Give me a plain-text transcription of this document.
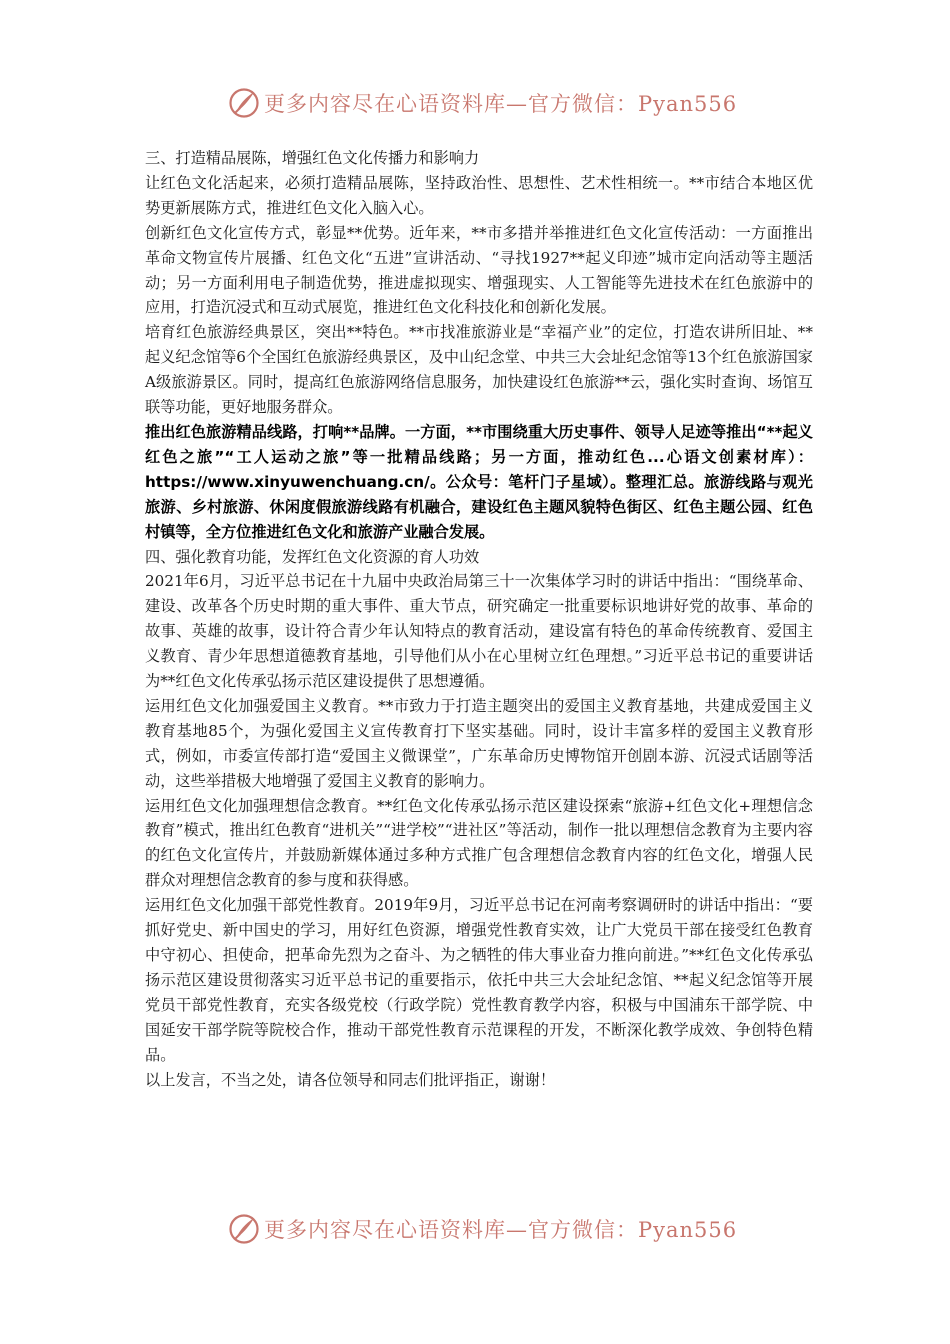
更多内容尽在心语资料库—官方微信：Pyan556

三、打造精品展陈，增强红色文化传播力和影响力

让红色文化活起来，必须打造精品展陈，坚持政治性、思想性、艺术性相统一。**市结合本地区优势更新展陈方式，推进红色文化入脑入心。

创新红色文化宣传方式，彰显**优势。近年来，**市多措并举推进红色文化宣传活动：一方面推出革命文物宣传片展播、红色文化“五进”宣讲活动、“寻找1927**起义印迹”城市定向活动等主题活动；另一方面利用电子制造优势，推进虚拟现实、增强现实、人工智能等先进技术在红色旅游中的应用，打造沉浸式和互动式展览，推进红色文化科技化和创新化发展。

培育红色旅游经典景区，突出**特色。**市找准旅游业是“幸福产业”的定位，打造农讲所旧址、**起义纪念馆等6个全国红色旅游经典景区，及中山纪念堂、中共三大会址纪念馆等13个红色旅游国家A级旅游景区。同时，提高红色旅游网络信息服务，加快建设红色旅游**云，强化实时查询、场馆互联等功能，更好地服务群众。

推出红色旅游精品线路，打响**品牌。一方面，**市围绕重大历史事件、领导人足迹等推出“**起义红色之旅”“工人运动之旅”等一批精品线路；另一方面，推动红色...心语文创素材库）：https://www.xinyuwenchuang.cn/。公众号：笔杆门子星域）。整理汇总。旅游线路与观光旅游、乡村旅游、休闲度假旅游线路有机融合，建设红色主题风貌特色街区、红色主题公园、红色村镇等，全方位推进红色文化和旅游产业融合发展。

四、强化教育功能，发挥红色文化资源的育人功效

2021年6月，习近平总书记在十九届中央政治局第三十一次集体学习时的讲话中指出：“围绕革命、建设、改革各个历史时期的重大事件、重大节点，研究确定一批重要标识地讲好党的故事、革命的故事、英雄的故事，设计符合青少年认知特点的教育活动，建设富有特色的革命传统教育、爱国主义教育、青少年思想道德教育基地，引导他们从小在心里树立红色理想。”习近平总书记的重要讲话为**红色文化传承弘扬示范区建设提供了思想遵循。

运用红色文化加强爱国主义教育。**市致力于打造主题突出的爱国主义教育基地，共建成爱国主义教育基地85个，为强化爱国主义宣传教育打下坚实基础。同时，设计丰富多样的爱国主义教育形式，例如，市委宣传部打造“爱国主义微课堂”，广东革命历史博物馆开创剧本游、沉浸式话剧等活动，这些举措极大地增强了爱国主义教育的影响力。

运用红色文化加强理想信念教育。**红色文化传承弘扬示范区建设探索“旅游+红色文化+理想信念教育”模式，推出红色教育“进机关”“进学校”“进社区”等活动，制作一批以理想信念教育为主要内容的红色文化宣传片，并鼓励新媒体通过多种方式推广包含理想信念教育内容的红色文化，增强人民群众对理想信念教育的参与度和获得感。

运用红色文化加强干部党性教育。2019年9月，习近平总书记在河南考察调研时的讲话中指出：“要抓好党史、新中国史的学习，用好红色资源，增强党性教育实效，让广大党员干部在接受红色教育中守初心、担使命，把革命先烈为之奋斗、为之牺牲的伟大事业奋力推向前进。”**红色文化传承弘扬示范区建设贯彻落实习近平总书记的重要指示，依托中共三大会址纪念馆、**起义纪念馆等开展党员干部党性教育，充实各级党校（行政学院）党性教育教学内容，积极与中国浦东干部学院、中国延安干部学院等院校合作，推动干部党性教育示范课程的开发，不断深化教学成效、争创特色精品。

以上发言，不当之处，请各位领导和同志们批评指正，谢谢！

更多内容尽在心语资料库—官方微信：Pyan556
